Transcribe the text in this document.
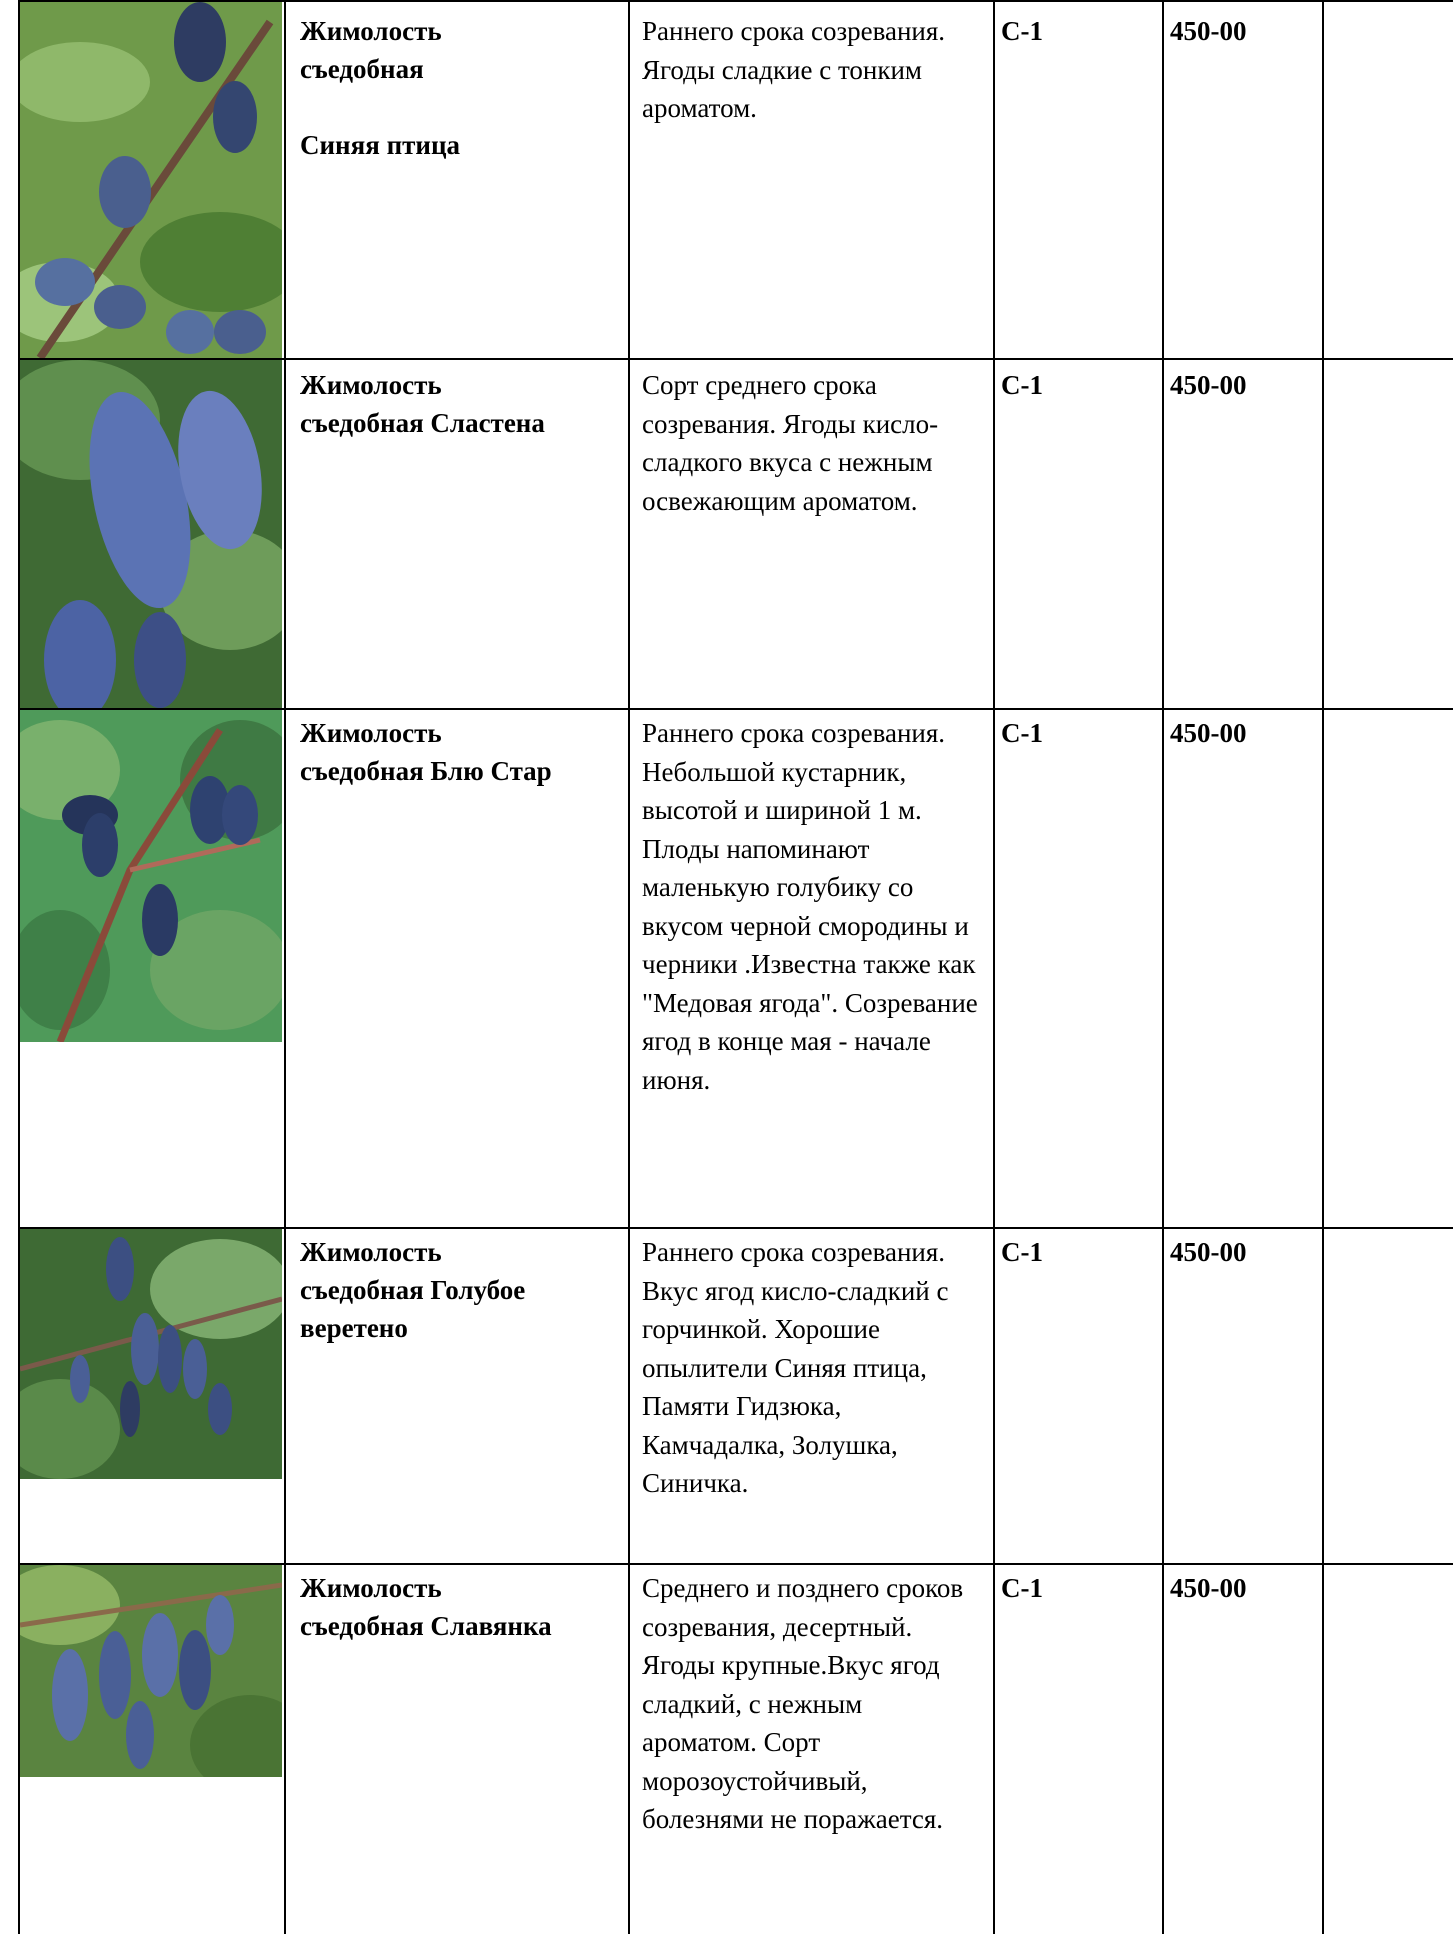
Жимолость
съедобная
Синяя птица
Раннего срока созревания. Ягоды сладкие с тонким ароматом.
С-1	450-00
Жимолость
съедобная Сластена
Сорт среднего срока созревания. Ягоды кисло-сладкого вкуса с нежным освежающим ароматом.
С-1	450-00
Жимолость
съедобная Блю Стар
Раннего срока созревания. Небольшой кустарник, высотой и шириной 1 м. Плоды напоминают маленькую голубику со вкусом черной смородины и черники .Известна также как "Медовая ягода". Созревание ягод в конце мая - начале июня.
С-1	450-00
Жимолость
съедобная Голубое
веретено
Раннего срока созревания. Вкус ягод кисло-сладкий с горчинкой. Хорошие опылители Синяя птица, Памяти Гидзюка, Камчадалка, Золушка, Синичка.
С-1	450-00
Жимолость
съедобная Славянка
Среднего и позднего сроков созревания, десертный. Ягоды крупные.Вкус ягод сладкий, с нежным ароматом. Сорт морозоустойчивый, болезнями не поражается.
С-1	450-00
